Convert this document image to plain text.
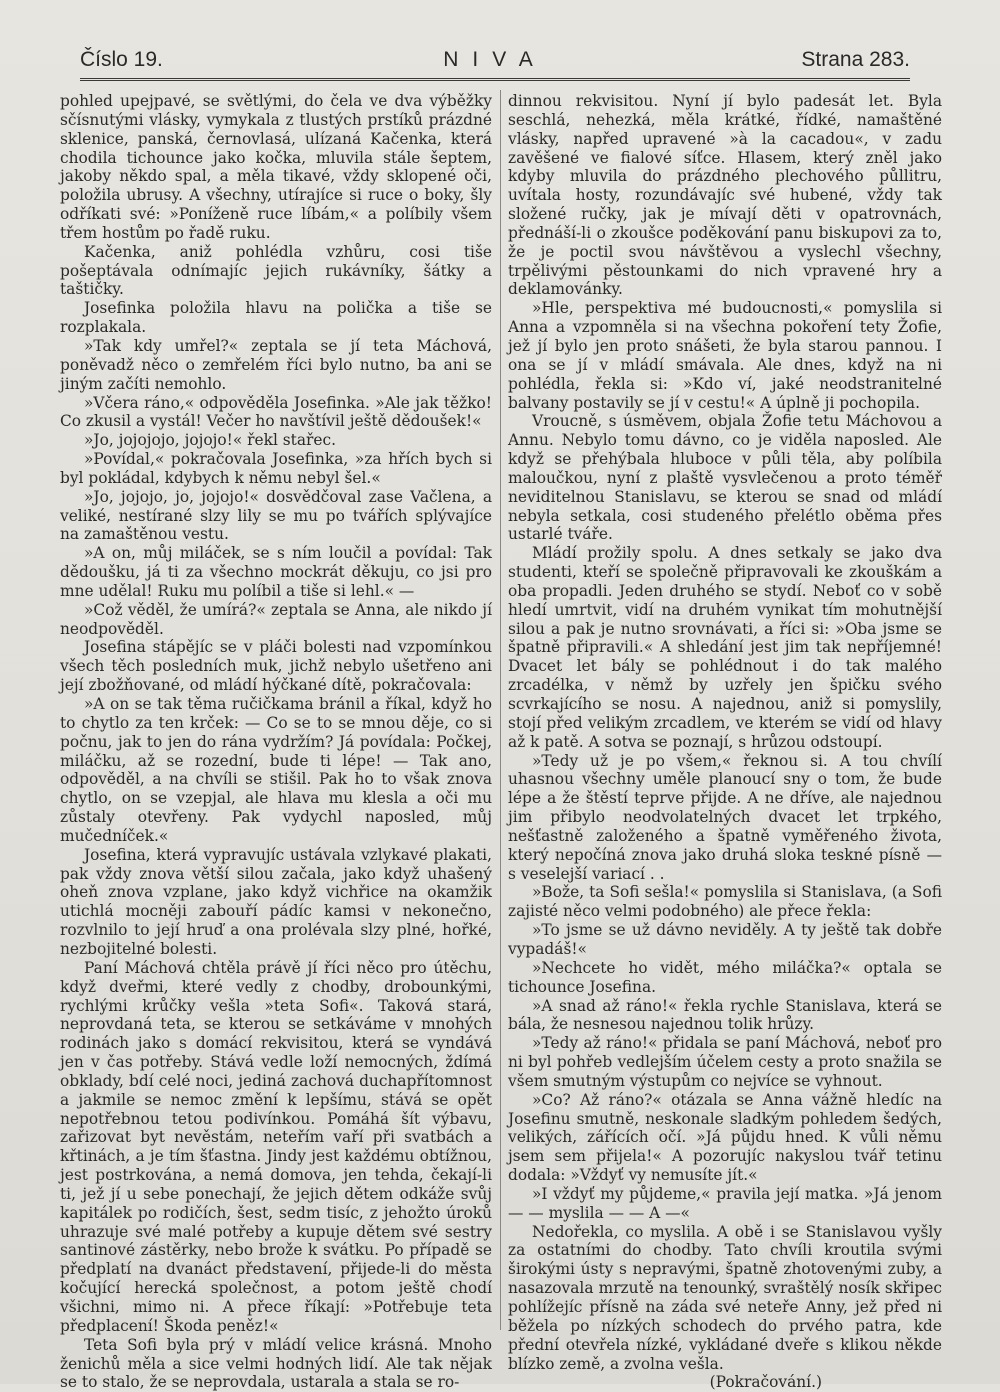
Číslo 19.	NIVA	Strana 283.

pohled upejpavé, se světlými, do čela ve dva výběžky sčísnutými vlásky, vymykala z tlustých prstíků prázdné sklenice, panská, černovlasá, ulízaná Kačenka, která chodila tichounce jako kočka, mluvila stále šeptem, jakoby někdo spal, a měla tikavé, vždy sklopené oči, položila ubrusy. A všechny, utírajíce si ruce o boky, šly odříkati své: »Poníženě ruce líbám,« a políbily všem třem hostům po řadě ruku.

Kačenka, aniž pohlédla vzhůru, cosi tiše pošeptávala odnímajíc jejich rukávníky, šátky a taštičky.

Josefinka položila hlavu na polička a tiše se rozplakala.

»Tak kdy umřel?« zeptala se jí teta Máchová, poněvadž něco o zemřelém říci bylo nutno, ba ani se jiným začíti nemohlo.

»Včera ráno,« odpověděla Josefinka. »Ale jak těžko! Co zkusil a vystál! Večer ho navštívil ještě dědoušek!«

»Jo, jojojojo, jojojo!« řekl stařec.

»Povídal,« pokračovala Josefinka, »za hřích bych si byl pokládal, kdybych k němu nebyl šel.«

»Jo, jojojo, jo, jojojo!« dosvědčoval zase Vačlena, a veliké, nestírané slzy lily se mu po tvářích splývajíce na zamaštěnou vestu.

»A on, můj miláček, se s ním loučil a povídal: Tak dědoušku, já ti za všechno mockrát děkuju, co jsi pro mne udělal! Ruku mu políbil a tiše si lehl.« —

»Což věděl, že umírá?« zeptala se Anna, ale nikdo jí neodpověděl.

Josefina stápějíc se v pláči bolesti nad vzpomínkou všech těch posledních muk, jichž nebylo ušetřeno ani její zbožňované, od mládí hýčkané dítě, pokračovala:

»A on se tak těma ručičkama bránil a říkal, když ho to chytlo za ten krček: — Co se to se mnou děje, co si počnu, jak to jen do rána vydržím? Já povídala: Počkej, miláčku, až se rozední, bude ti lépe! — Tak ano, odpověděl, a na chvíli se stišil. Pak ho to však znova chytlo, on se vzepjal, ale hlava mu klesla a oči mu zůstaly otevřeny. Pak vydychl naposled, můj mučedníček.«

Josefina, která vypravujíc ustávala vzlykavé plakati, pak vždy znova větší silou začala, jako když uhašený oheň znova vzplane, jako když vichřice na okamžik utichlá mocněji zabouří pádíc kamsi v nekonečno, rozvlnilo to její hruď a ona prolévala slzy plné, hořké, nezbojitelné bolesti.

Paní Máchová chtěla právě jí říci něco pro útěchu, když dveřmi, které vedly z chodby, drobounkými, rychlými krůčky vešla »teta Sofi«. Taková stará, neprovdaná teta, se kterou se setkáváme v mnohých rodinách jako s domácí rekvisitou, která se vyndává jen v čas potřeby. Stává vedle loží nemocných, ždímá obklady, bdí celé noci, jediná zachová duchapřítomnost a jakmile se nemoc změní k lepšímu, stává se opět nepotřebnou tetou podivínkou. Pomáhá šít výbavu, zařizovat byt nevěstám, neteřím vaří při svatbách a křtinách, a je tím šťastna. Jindy jest každému obtížnou, jest postrkována, a nemá domova, jen tehda, čekají-li ti, jež jí u sebe ponechají, že jejich dětem odkáže svůj kapitálek po rodičích, šest, sedm tisíc, z jehožto úroků uhrazuje své malé potřeby a kupuje dětem své sestry santinové zástěrky, nebo brože k svátku. Po případě se předplatí na dvanáct představení, přijede-li do města kočující herecká společnost, a potom ještě chodí všichni, mimo ni. A přece říkají: »Potřebuje teta předplacení! Škoda peněz!«

Teta Sofi byla prý v mládí velice krásná. Mnoho ženichů měla a sice velmi hodných lidí. Ale tak nějak se to stalo, že se neprovdala, ustarala a stala se ro-

dinnou rekvisitou. Nyní jí bylo padesát let. Byla seschlá, nehezká, měla krátké, řídké, namaštěné vlásky, napřed upravené »à la cacadou«, v zadu zavěšené ve fialové síťce. Hlasem, který zněl jako kdyby mluvila do prázdného plechového půllitru, uvítala hosty, rozundávajíc své hubené, vždy tak složené ručky, jak je mívají děti v opatrovnách, přednáší-li o zkoušce poděkování panu biskupovi za to, že je poctil svou návštěvou a vyslechl všechny, trpělivými pěstounkami do nich vpravené hry a deklamovánky.

»Hle, perspektiva mé budoucnosti,« pomyslila si Anna a vzpomněla si na všechna pokoření tety Žofie, jež jí bylo jen proto snášeti, že byla starou pannou. I ona se jí v mládí smávala. Ale dnes, když na ni pohlédla, řekla si: »Kdo ví, jaké neodstranitelné balvany postavily se jí v cestu!« A úplně ji pochopila.

Vroucně, s úsměvem, objala Žofie tetu Máchovou a Annu. Nebylo tomu dávno, co je viděla naposled. Ale když se přehýbala hluboce v půli těla, aby políbila maloučkou, nyní z plaště vysvlečenou a proto téměř neviditelnou Stanislavu, se kterou se snad od mládí nebyla setkala, cosi studeného přelétlo oběma přes ustarlé tváře.

Mládí prožily spolu. A dnes setkaly se jako dva studenti, kteří se společně připravovali ke zkouškám a oba propadli. Jeden druhého se stydí. Neboť co v sobě hledí umrtvit, vidí na druhém vynikat tím mohutnější silou a pak je nutno srovnávati, a říci si: »Oba jsme se špatně připravili.« A shledání jest jim tak nepříjemné! Dvacet let bály se pohlédnout i do tak malého zrcadélka, v němž by uzřely jen špičku svého scvrkajícího se nosu. A najednou, aniž si pomyslily, stojí před velikým zrcadlem, ve kterém se vidí od hlavy až k patě. A sotva se poznají, s hrůzou odstoupí.

»Tedy už je po všem,« řeknou si. A tou chvílí uhasnou všechny uměle planoucí sny o tom, že bude lépe a že štěstí teprve přijde. A ne dříve, ale najednou jim přibylo neodvolatelných dvacet let trpkého, nešťastně založeného a špatně vyměřeného života, který nepočíná znova jako druhá sloka teskné písně — s veselejší variací . .

»Bože, ta Sofi sešla!« pomyslila si Stanislava, (a Sofi zajisté něco velmi podobného) ale přece řekla:

»To jsme se už dávno neviděly. A ty ještě tak dobře vypadáš!«

»Nechcete ho vidět, mého miláčka?« optala se tichounce Josefina.

»A snad až ráno!« řekla rychle Stanislava, která se bála, že nesnesou najednou tolik hrůzy.

»Tedy až ráno!« přidala se paní Máchová, neboť pro ni byl pohřeb vedlejším účelem cesty a proto snažila se všem smutným výstupům co nejvíce se vyhnout.

»Co? Až ráno?« otázala se Anna vážně hledíc na Josefinu smutně, neskonale sladkým pohledem šedých, velikých, zářících očí. »Já půjdu hned. K vůli němu jsem sem přijela!« A pozorujíc nakyslou tvář tetinu dodala: »Vždyť vy nemusíte jít.«

»I vždyť my půjdeme,« pravila její matka. »Já jenom — — myslila — — A —«

Nedořekla, co myslila. A obě i se Stanislavou vyšly za ostatními do chodby. Tato chvíli kroutila svými širokými ústy s nepravými, špatně zhotovenými zuby, a nasazovala mrzutě na tenounký, svraštělý nosík skřipec pohlížejíc přísně na záda své neteře Anny, jež před ni běžela po nízkých schodech do prvého patra, kde přední otevřela nízké, vykládané dveře s klikou někde blízko země, a zvolna vešla.

(Pokračování.)
